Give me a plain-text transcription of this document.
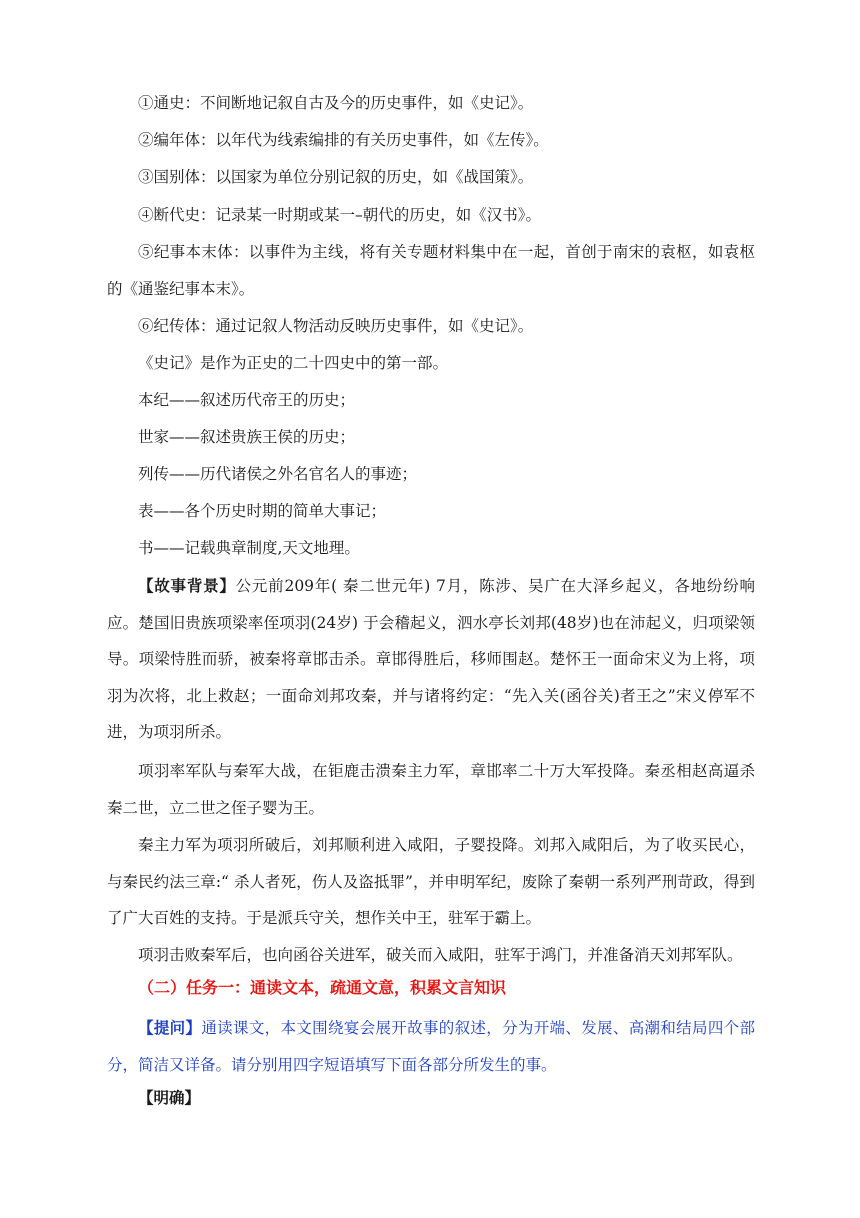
①通史：不间断地记叙自古及今的历史事件，如《史记》。
②编年体：以年代为线索编排的有关历史事件，如《左传》。
③国别体：以国家为单位分别记叙的历史，如《战国策》。
④断代史：记录某一时期或某一–朝代的历史，如《汉书》。

⑤纪事本末体：以事件为主线，将有关专题材料集中在一起，首创于南宋的袁枢，如袁枢的《通鉴纪事本末》。

⑥纪传体：通过记叙人物活动反映历史事件，如《史记》。
《史记》是作为正史的二十四史中的第一部。
本纪——叙述历代帝王的历史；
世家——叙述贵族王侯的历史；
列传——历代诸侯之外名官名人的事迹；
表——各个历史时期的简单大事记；
书——记载典章制度,天文地理。

【故事背景】公元前209年( 秦二世元年) 7月，陈涉、吴广在大泽乡起义，各地纷纷响应。楚国旧贵族项梁率侄项羽(24岁) 于会稽起义，泗水亭长刘邦(48岁)也在沛起义，归项梁领导。项梁恃胜而骄，被秦将章邯击杀。章邯得胜后，移师围赵。楚怀王一面命宋义为上将，项羽为次将，北上救赵；一面命刘邦攻秦，并与诸将约定：“先入关(函谷关)者王之”宋义停军不进，为项羽所杀。

项羽率军队与秦军大战，在钜鹿击溃秦主力军，章邯率二十万大军投降。秦丞相赵高逼杀秦二世，立二世之侄子婴为王。

秦主力军为项羽所破后，刘邦顺利进入咸阳，子婴投降。刘邦入咸阳后，为了收买民心，与秦民约法三章:“ 杀人者死，伤人及盗抵罪”，并申明军纪，废除了秦朝一系列严刑苛政，得到了广大百姓的支持。于是派兵守关，想作关中王，驻军于霸上。

项羽击败秦军后，也向函谷关进军，破关而入咸阳，驻军于鸿门，并准备消天刘邦军队。

（二）任务一：通读文本，疏通文意，积累文言知识

【提问】通读课文，本文围绕宴会展开故事的叙述，分为开端、发展、高潮和结局四个部分，简洁又详备。请分别用四字短语填写下面各部分所发生的事。

【明确】
